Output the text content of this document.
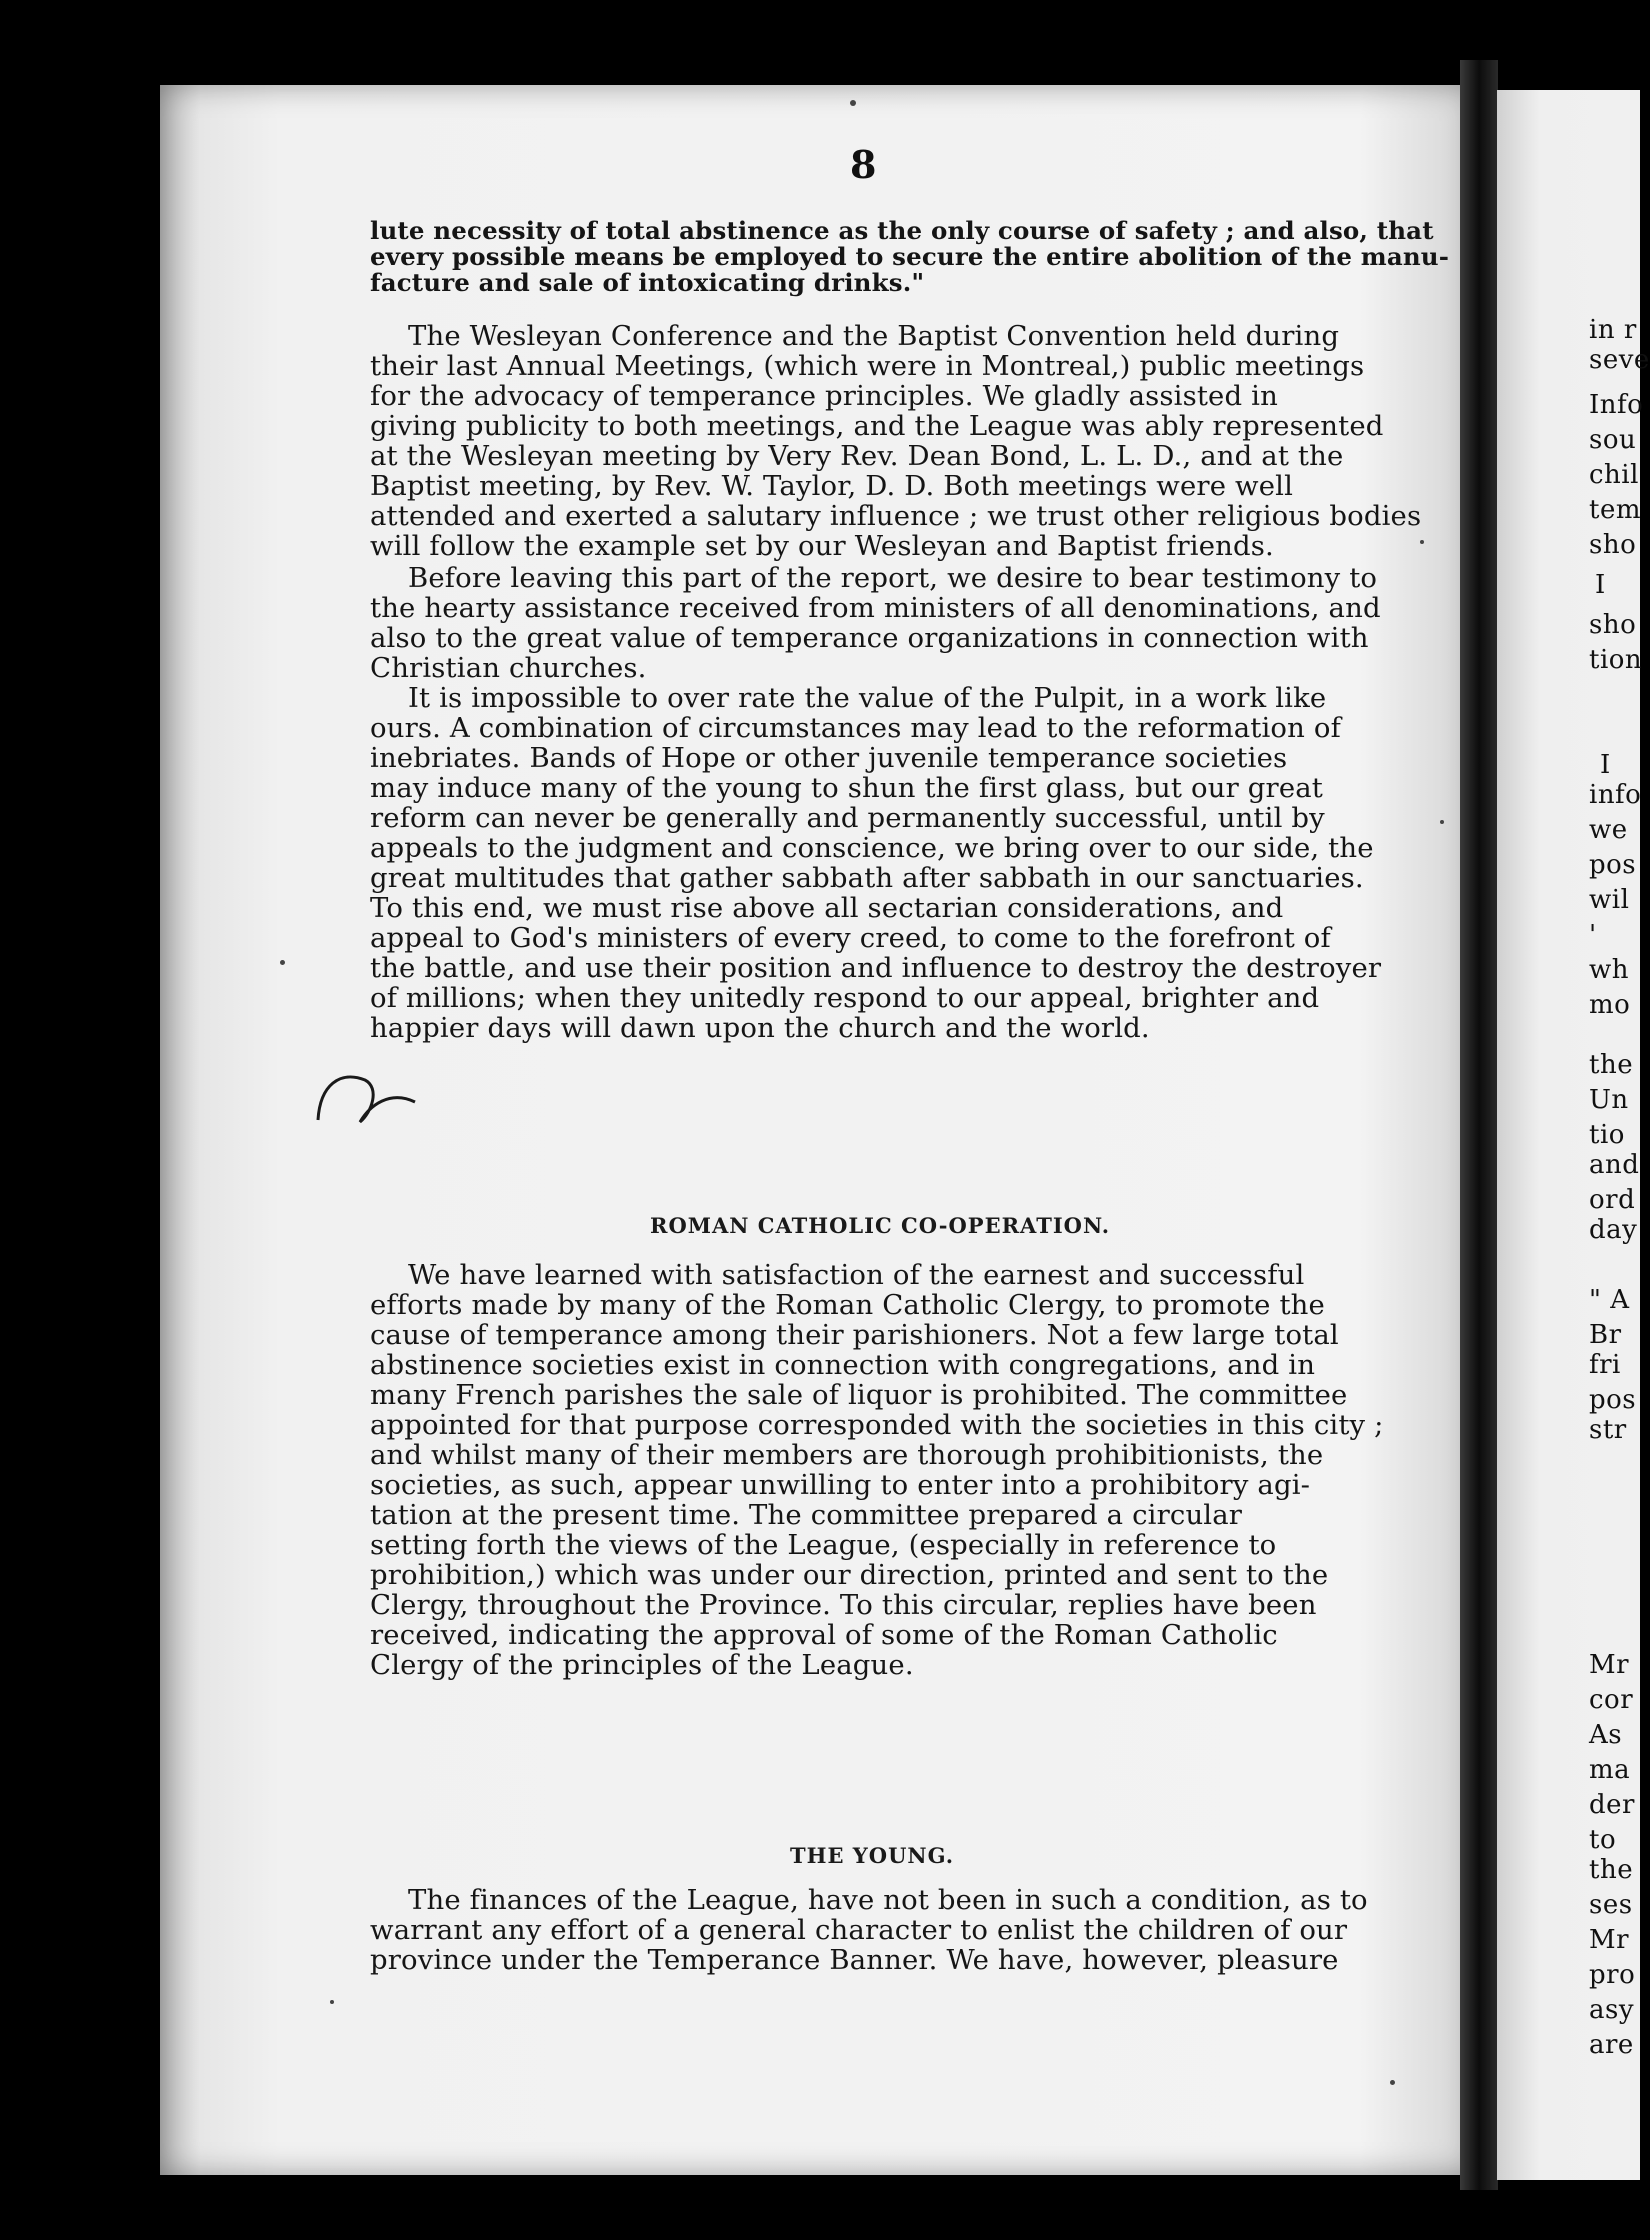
in r
seve
Info
sou
chil
tem
sho
I
sho
tion
I
info
we
pos
wil
'
wh
mo
the
Un
tio
and
ord
day
" A
Br
fri
pos
str
Mr
cor
As
ma
der
to
the
ses
Mr
pro
asy
are
8
lute necessity of total abstinence as the only course of safety ; and also, that
every possible means be employed to secure the entire abolition of the manu-
facture and sale of intoxicating drinks."
The Wesleyan Conference and the Baptist Convention held during
their last Annual Meetings, (which were in Montreal,) public meetings
for the advocacy of temperance principles. We gladly assisted in
giving publicity to both meetings, and the League was ably represented
at the Wesleyan meeting by Very Rev. Dean Bond, L. L. D., and at the
Baptist meeting, by Rev. W. Taylor, D. D. Both meetings were well
attended and exerted a salutary influence ; we trust other religious bodies
will follow the example set by our Wesleyan and Baptist friends.
Before leaving this part of the report, we desire to bear testimony to
the hearty assistance received from ministers of all denominations, and
also to the great value of temperance organizations in connection with
Christian churches.
It is impossible to over rate the value of the Pulpit, in a work like
ours. A combination of circumstances may lead to the reformation of
inebriates. Bands of Hope or other juvenile temperance societies
may induce many of the young to shun the first glass, but our great
reform can never be generally and permanently successful, until by
appeals to the judgment and conscience, we bring over to our side, the
great multitudes that gather sabbath after sabbath in our sanctuaries.
To this end, we must rise above all sectarian considerations, and
appeal to God's ministers of every creed, to come to the forefront of
the battle, and use their position and influence to destroy the destroyer
of millions; when they unitedly respond to our appeal, brighter and
happier days will dawn upon the church and the world.
ROMAN CATHOLIC CO-OPERATION.
We have learned with satisfaction of the earnest and successful
efforts made by many of the Roman Catholic Clergy, to promote the
cause of temperance among their parishioners. Not a few large total
abstinence societies exist in connection with congregations, and in
many French parishes the sale of liquor is prohibited. The committee
appointed for that purpose corresponded with the societies in this city ;
and whilst many of their members are thorough prohibitionists, the
societies, as such, appear unwilling to enter into a prohibitory agi-
tation at the present time. The committee prepared a circular
setting forth the views of the League, (especially in reference to
prohibition,) which was under our direction, printed and sent to the
Clergy, throughout the Province. To this circular, replies have been
received, indicating the approval of some of the Roman Catholic
Clergy of the principles of the League.
THE YOUNG.
The finances of the League, have not been in such a condition, as to
warrant any effort of a general character to enlist the children of our
province under the Temperance Banner. We have, however, pleasure
